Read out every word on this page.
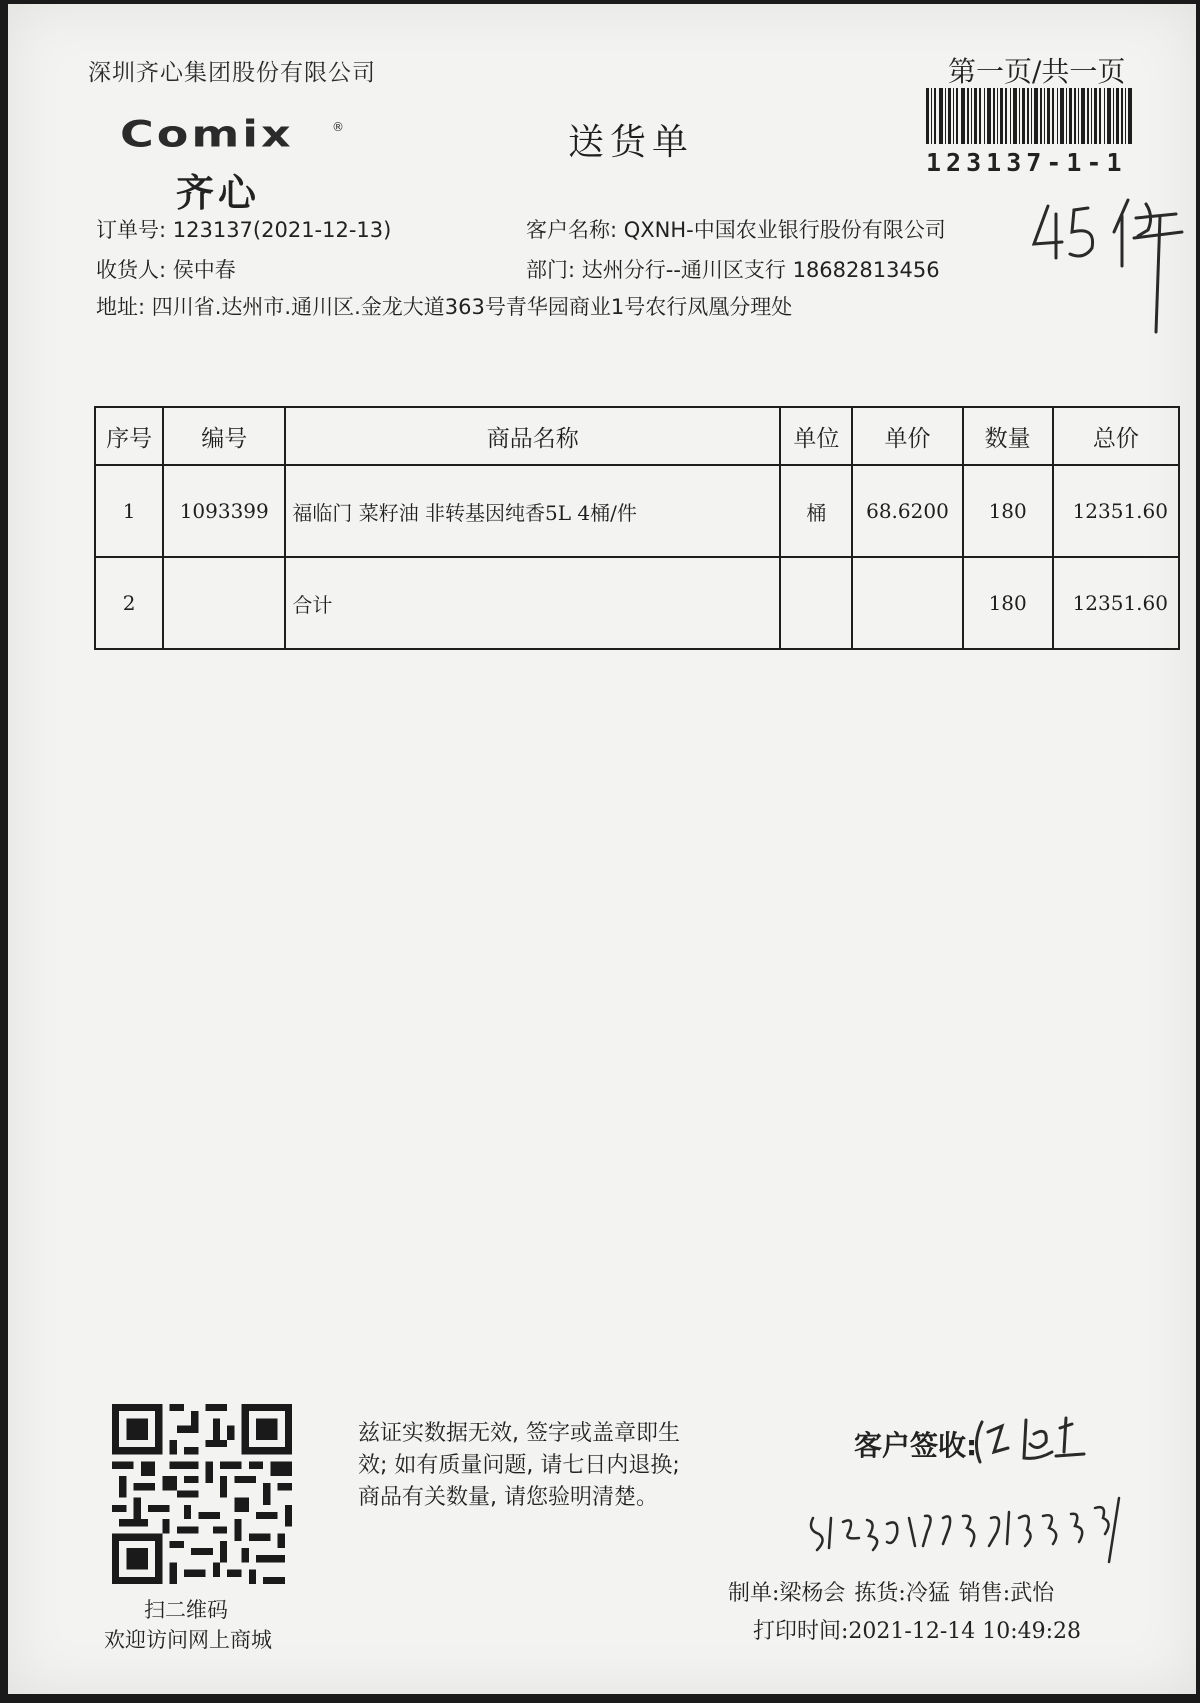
深圳齐心集团股份有限公司
Comix	®
齐心
送货单
第一页/共一页
123137-1-1
订单号: 123137(2021-12-13)
收货人: 侯中春
地址: 四川省.达州市.通川区.金龙大道363号青华园商业1号农行凤凰分理处
客户名称: QXNH-中国农业银行股份有限公司
部门: 达州分行--通川区支行 18682813456
序号	编号	商品名称	单位	单价	数量	总价
1	1093399	福临门 菜籽油 非转基因纯香5L 4桶/件	桶	68.6200	180	12351.60
2		合计			180	12351.60
扫二维码
欢迎访问网上商城
兹证实数据无效, 签字或盖章即生
效; 如有质量问题, 请七日内退换;
商品有关数量, 请您验明清楚。
客户签收:
制单:梁杨会 拣货:冷猛 销售:武怡
打印时间:2021-12-14 10:49:28
